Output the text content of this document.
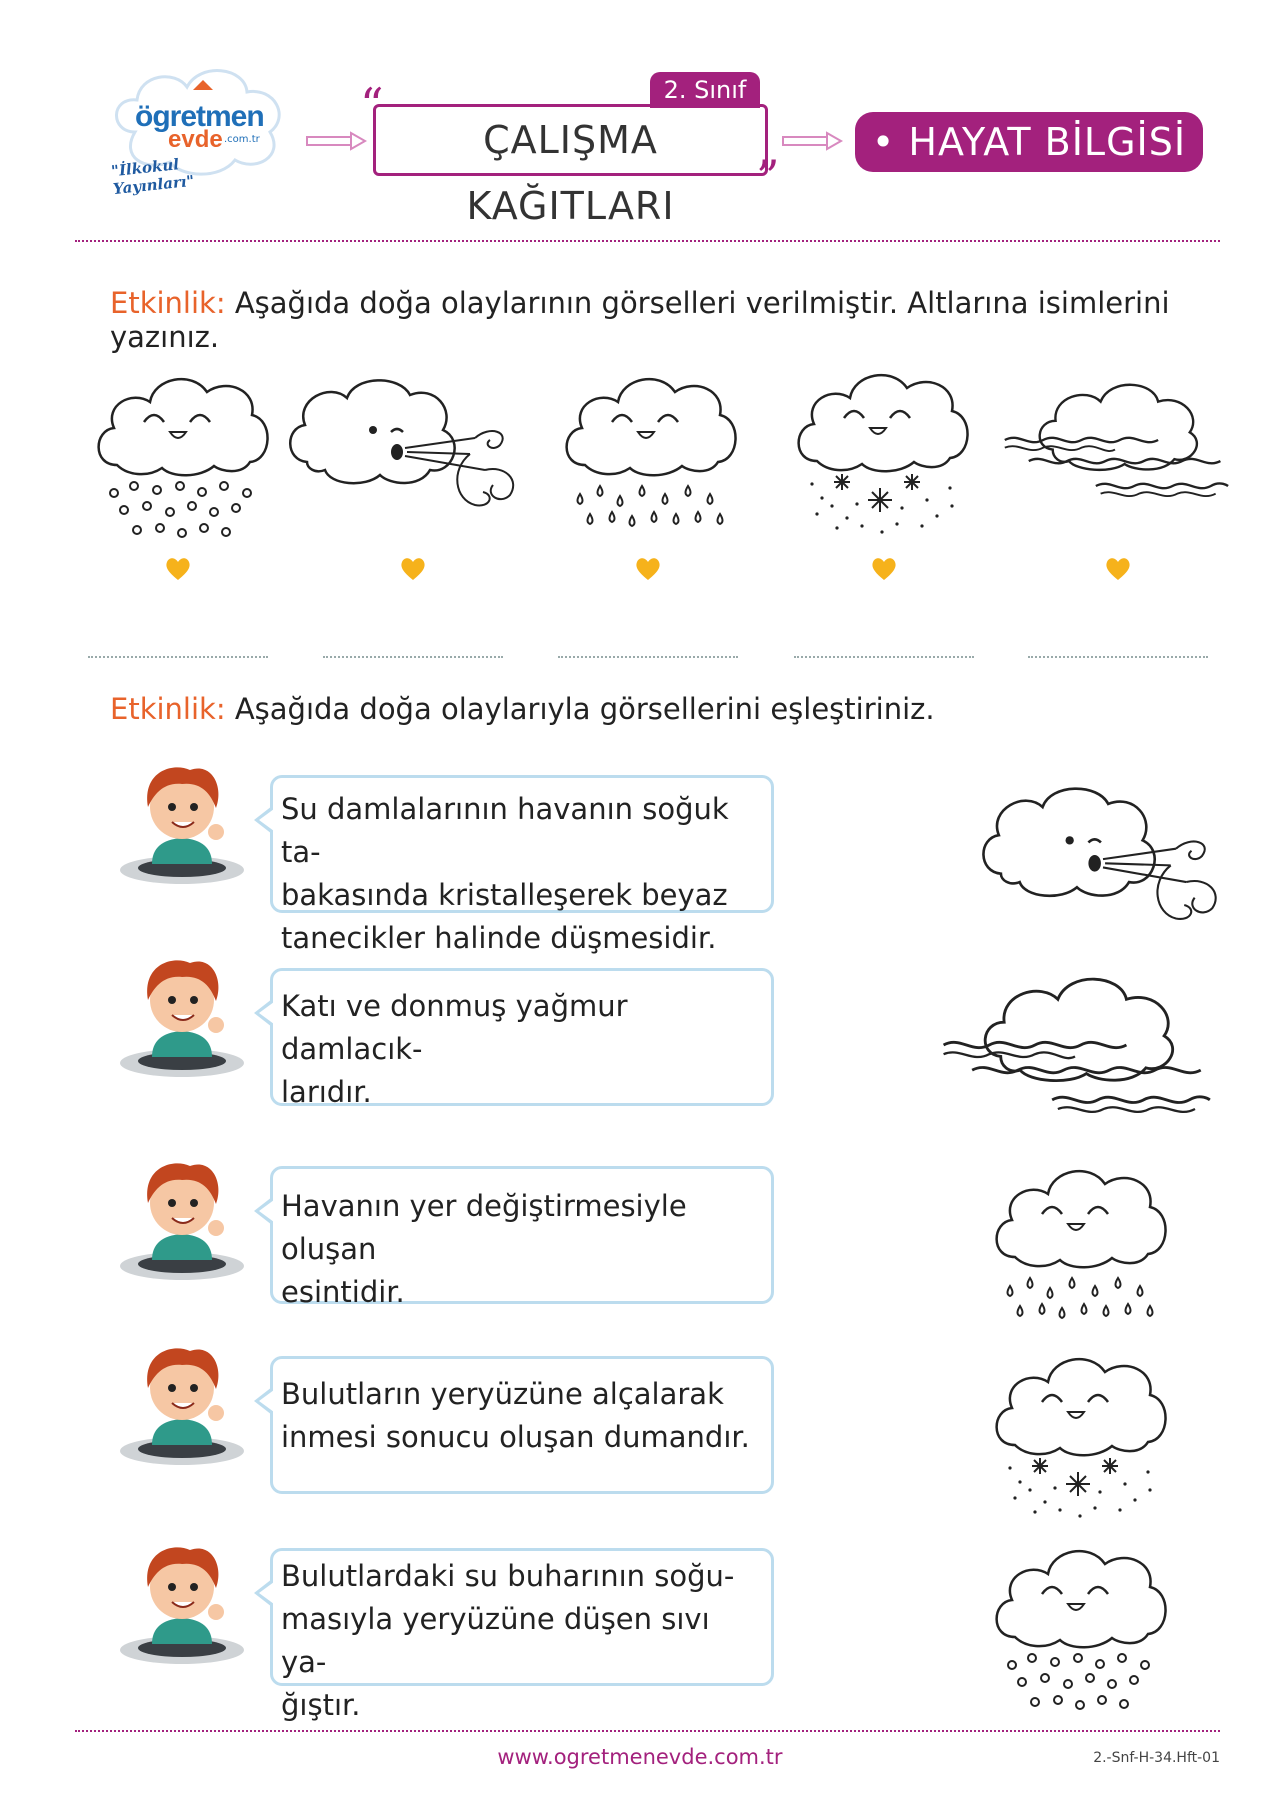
ögretmen
evde .com.tr
"İlkokul Yayınları"
2. Sınıf
“
ÇALIŞMA KAĞITLARI
”
• HAYAT BİLGİSİ •
Etkinlik: Aşağıda doğa olaylarının görselleri verilmiştir. Altlarına isimlerini yazınız.
Etkinlik: Aşağıda doğa olaylarıyla görsellerini eşleştiriniz.
Su damlalarının havanın soğuk ta-
bakasında kristalleşerek beyaz
tanecikler halinde düşmesidir.
Katı ve donmuş yağmur damlacık-
larıdır.
Havanın yer değiştirmesiyle oluşan
esintidir.
Bulutların yeryüzüne alçalarak
inmesi sonucu oluşan dumandır.
Bulutlardaki su buharının soğu-
masıyla yeryüzüne düşen sıvı ya-
ğıştır.
www.ogretmenevde.com.tr	2.-Snf-H-34.Hft-01
